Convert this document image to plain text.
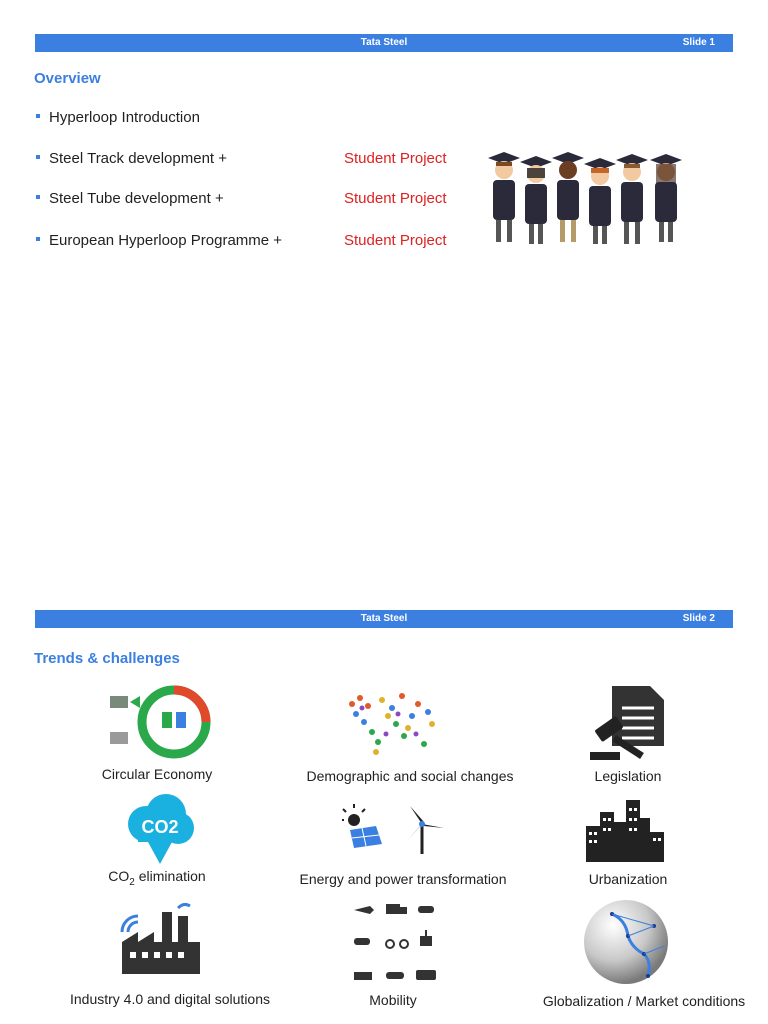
Tata Steel	Slide 1
Overview
Hyperloop Introduction
Steel Track development +	Student Project
Steel Tube development +	Student Project
European Hyperloop Programme +	Student Project
Tata Steel	Slide 2
Trends & challenges
Circular Economy	Demographic and social changes	Legislation
CO2
$CO_2$ elimination	Energy and power transformation	Urbanization
Industry 4.0 and digital solutions	Mobility	Globalization / Market conditions
